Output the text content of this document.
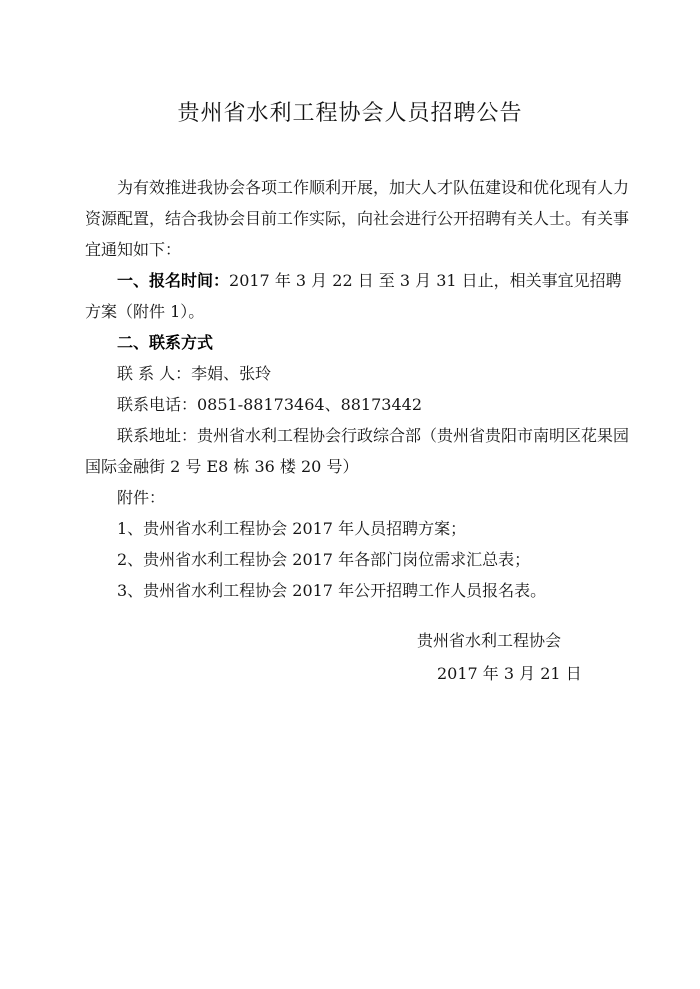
贵州省水利工程协会人员招聘公告

为有效推进我协会各项工作顺利开展，加大人才队伍建设和优化现有人力资源配置，结合我协会目前工作实际，向社会进行公开招聘有关人士。有关事宜通知如下：

一、报名时间：2017 年 3 月 22 日 至 3 月 31 日止，相关事宜见招聘方案（附件 1）。

二、联系方式

联 系 人：李娟、张玲

联系电话：0851-88173464、88173442

联系地址：贵州省水利工程协会行政综合部（贵州省贵阳市南明区花果园国际金融街 2 号 E8 栋 36 楼 20 号）

附件：

1、贵州省水利工程协会 2017 年人员招聘方案；

2、贵州省水利工程协会 2017 年各部门岗位需求汇总表；

3、贵州省水利工程协会 2017 年公开招聘工作人员报名表。

贵州省水利工程协会
2017 年 3 月 21 日
